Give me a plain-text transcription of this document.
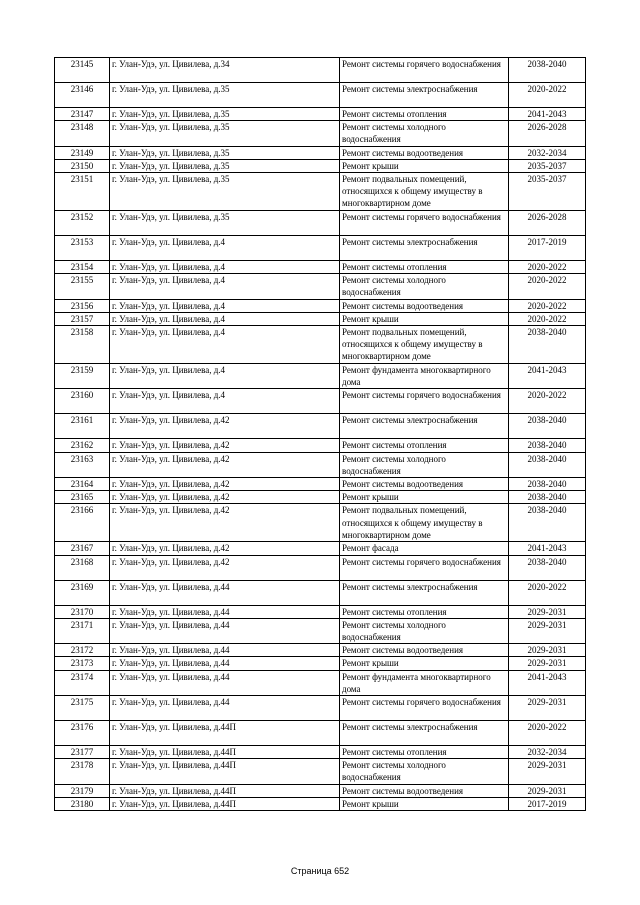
23145	г. Улан-Удэ, ул. Цивилева, д.34	Ремонт системы горячего водоснабжения	2038-2040
23146	г. Улан-Удэ, ул. Цивилева, д.35	Ремонт системы электроснабжения	2020-2022
23147	г. Улан-Удэ, ул. Цивилева, д.35	Ремонт системы отопления	2041-2043
23148	г. Улан-Удэ, ул. Цивилева, д.35	Ремонт системы холодного водоснабжения	2026-2028
23149	г. Улан-Удэ, ул. Цивилева, д.35	Ремонт системы водоотведения	2032-2034
23150	г. Улан-Удэ, ул. Цивилева, д.35	Ремонт крыши	2035-2037
23151	г. Улан-Удэ, ул. Цивилева, д.35	Ремонт подвальных помещений, относящихся к общему имуществу в многоквартирном доме	2035-2037
23152	г. Улан-Удэ, ул. Цивилева, д.35	Ремонт системы горячего водоснабжения	2026-2028
23153	г. Улан-Удэ, ул. Цивилева, д.4	Ремонт системы электроснабжения	2017-2019
23154	г. Улан-Удэ, ул. Цивилева, д.4	Ремонт системы отопления	2020-2022
23155	г. Улан-Удэ, ул. Цивилева, д.4	Ремонт системы холодного водоснабжения	2020-2022
23156	г. Улан-Удэ, ул. Цивилева, д.4	Ремонт системы водоотведения	2020-2022
23157	г. Улан-Удэ, ул. Цивилева, д.4	Ремонт крыши	2020-2022
23158	г. Улан-Удэ, ул. Цивилева, д.4	Ремонт подвальных помещений, относящихся к общему имуществу в многоквартирном доме	2038-2040
23159	г. Улан-Удэ, ул. Цивилева, д.4	Ремонт фундамента многоквартирного дома	2041-2043
23160	г. Улан-Удэ, ул. Цивилева, д.4	Ремонт системы горячего водоснабжения	2020-2022
23161	г. Улан-Удэ, ул. Цивилева, д.42	Ремонт системы электроснабжения	2038-2040
23162	г. Улан-Удэ, ул. Цивилева, д.42	Ремонт системы отопления	2038-2040
23163	г. Улан-Удэ, ул. Цивилева, д.42	Ремонт системы холодного водоснабжения	2038-2040
23164	г. Улан-Удэ, ул. Цивилева, д.42	Ремонт системы водоотведения	2038-2040
23165	г. Улан-Удэ, ул. Цивилева, д.42	Ремонт крыши	2038-2040
23166	г. Улан-Удэ, ул. Цивилева, д.42	Ремонт подвальных помещений, относящихся к общему имуществу в многоквартирном доме	2038-2040
23167	г. Улан-Удэ, ул. Цивилева, д.42	Ремонт фасада	2041-2043
23168	г. Улан-Удэ, ул. Цивилева, д.42	Ремонт системы горячего водоснабжения	2038-2040
23169	г. Улан-Удэ, ул. Цивилева, д.44	Ремонт системы электроснабжения	2020-2022
23170	г. Улан-Удэ, ул. Цивилева, д.44	Ремонт системы отопления	2029-2031
23171	г. Улан-Удэ, ул. Цивилева, д.44	Ремонт системы холодного водоснабжения	2029-2031
23172	г. Улан-Удэ, ул. Цивилева, д.44	Ремонт системы водоотведения	2029-2031
23173	г. Улан-Удэ, ул. Цивилева, д.44	Ремонт крыши	2029-2031
23174	г. Улан-Удэ, ул. Цивилева, д.44	Ремонт фундамента многоквартирного дома	2041-2043
23175	г. Улан-Удэ, ул. Цивилева, д.44	Ремонт системы горячего водоснабжения	2029-2031
23176	г. Улан-Удэ, ул. Цивилева, д.44П	Ремонт системы электроснабжения	2020-2022
23177	г. Улан-Удэ, ул. Цивилева, д.44П	Ремонт системы отопления	2032-2034
23178	г. Улан-Удэ, ул. Цивилева, д.44П	Ремонт системы холодного водоснабжения	2029-2031
23179	г. Улан-Удэ, ул. Цивилева, д.44П	Ремонт системы водоотведения	2029-2031
23180	г. Улан-Удэ, ул. Цивилева, д.44П	Ремонт крыши	2017-2019
Страница 652
